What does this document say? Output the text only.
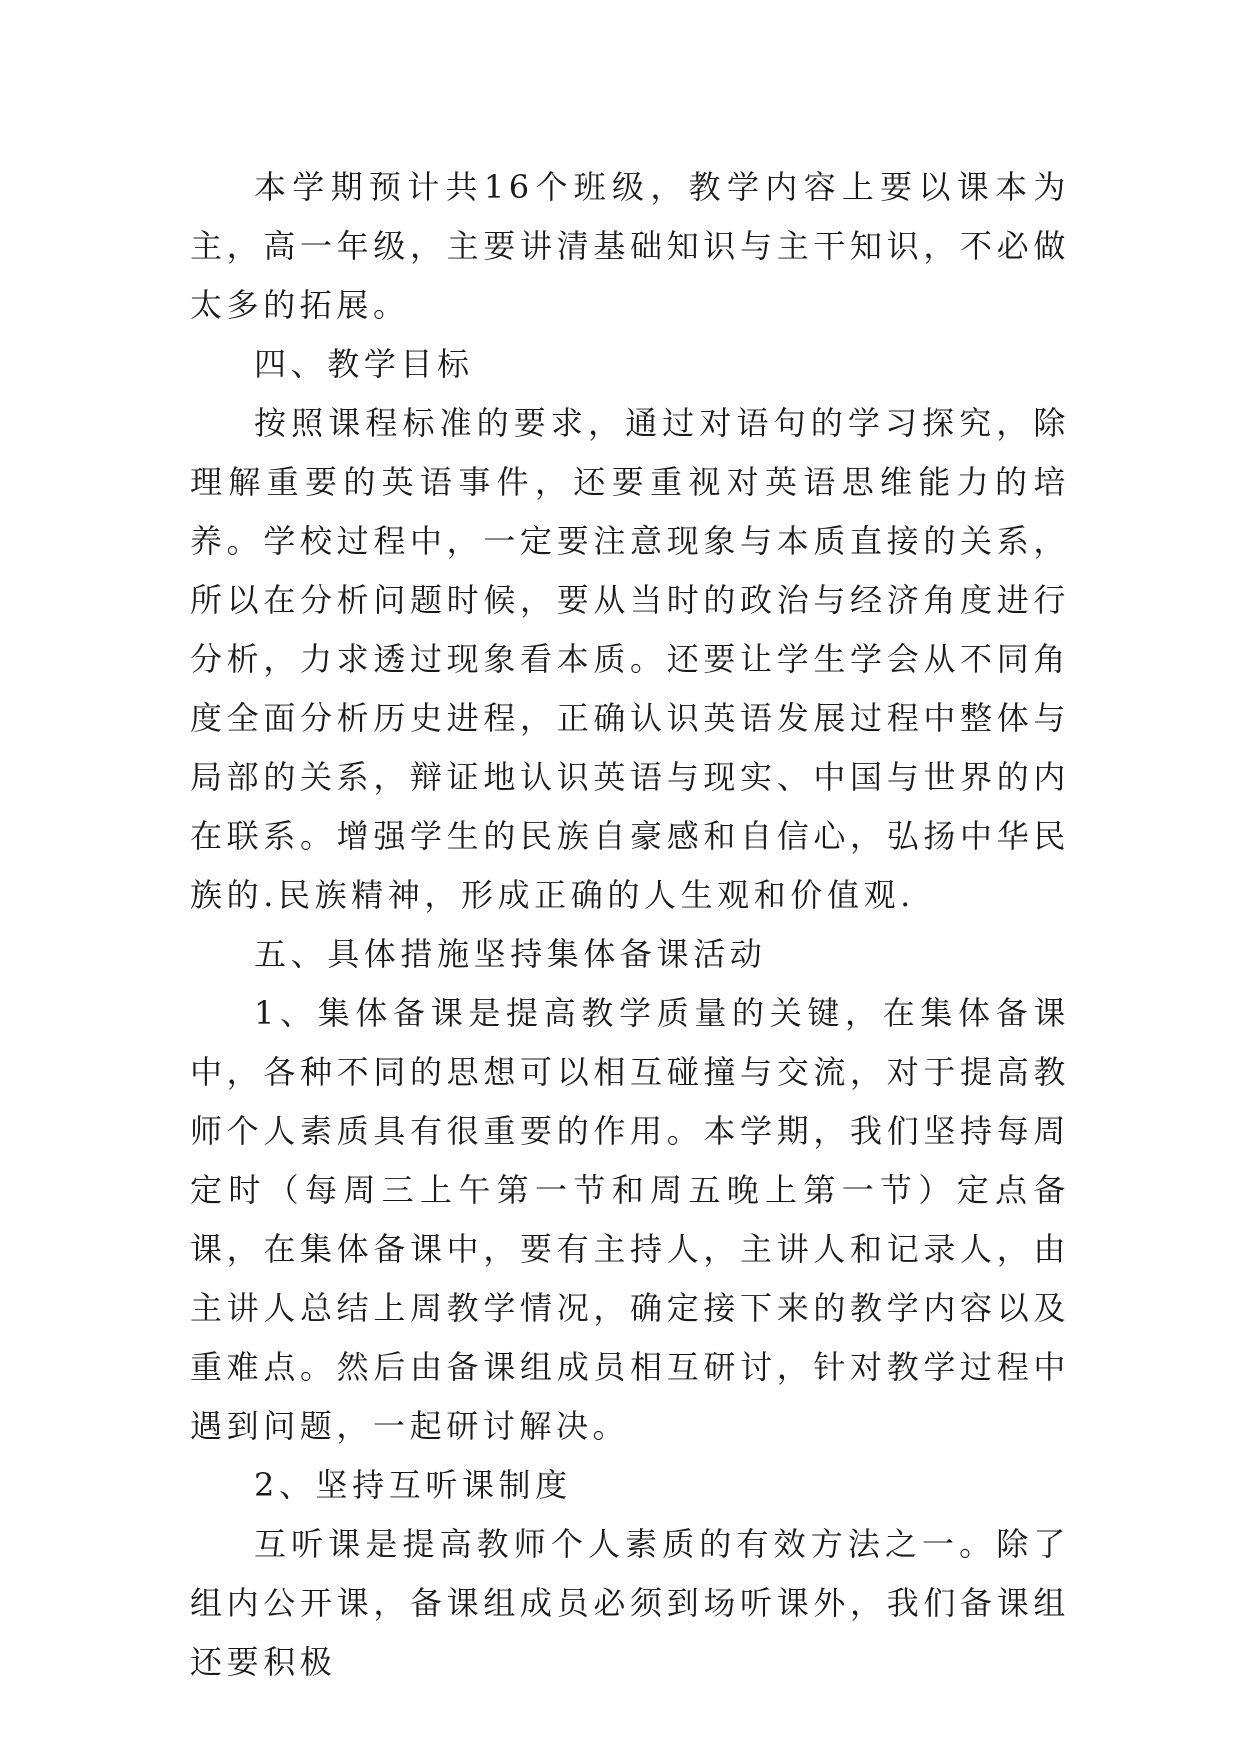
本学期预计共16个班级，教学内容上要以课本为主，高一年级，主要讲清基础知识与主干知识，不必做太多的拓展。

四、教学目标

按照课程标准的要求，通过对语句的学习探究，除理解重要的英语事件，还要重视对英语思维能力的培养。学校过程中，一定要注意现象与本质直接的关系，所以在分析问题时候，要从当时的政治与经济角度进行分析，力求透过现象看本质。还要让学生学会从不同角度全面分析历史进程，正确认识英语发展过程中整体与局部的关系，辩证地认识英语与现实、中国与世界的内在联系。增强学生的民族自豪感和自信心，弘扬中华民族的.民族精神，形成正确的人生观和价值观.

五、具体措施坚持集体备课活动

1、集体备课是提高教学质量的关键，在集体备课中，各种不同的思想可以相互碰撞与交流，对于提高教师个人素质具有很重要的作用。本学期，我们坚持每周定时（每周三上午第一节和周五晚上第一节）定点备课，在集体备课中，要有主持人，主讲人和记录人，由主讲人总结上周教学情况，确定接下来的教学内容以及重难点。然后由备课组成员相互研讨，针对教学过程中遇到问题，一起研讨解决。

2、坚持互听课制度

互听课是提高教师个人素质的有效方法之一。除了组内公开课，备课组成员必须到场听课外，我们备课组还要积极
